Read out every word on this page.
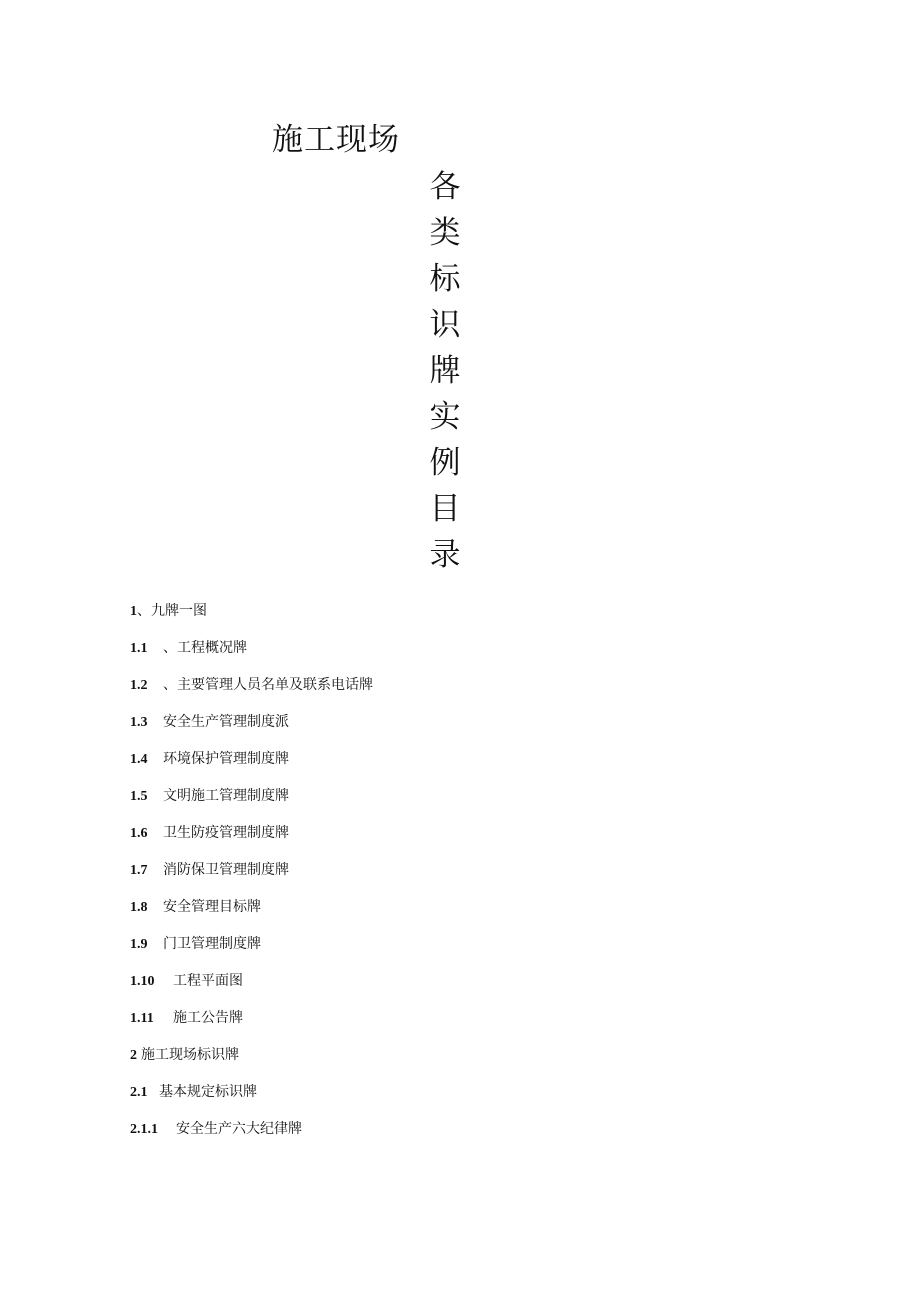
施工现场
各
类
标
识
牌
实
例
目
录
1 、九牌一图
1.1	、工程概况牌
1.2	、主要管理人员名单及联系电话牌
1.3	安全生产管理制度派
1.4	环境保护管理制度牌
1.5	文明施工管理制度牌
1.6	卫生防疫管理制度牌
1.7	消防保卫管理制度牌
1.8	安全管理目标牌
1.9	门卫管理制度牌
1.10	工程平面图
1.11	施工公告牌
2 施工现场标识牌
2.1 基本规定标识牌
2.1.1	安全生产六大纪律牌
